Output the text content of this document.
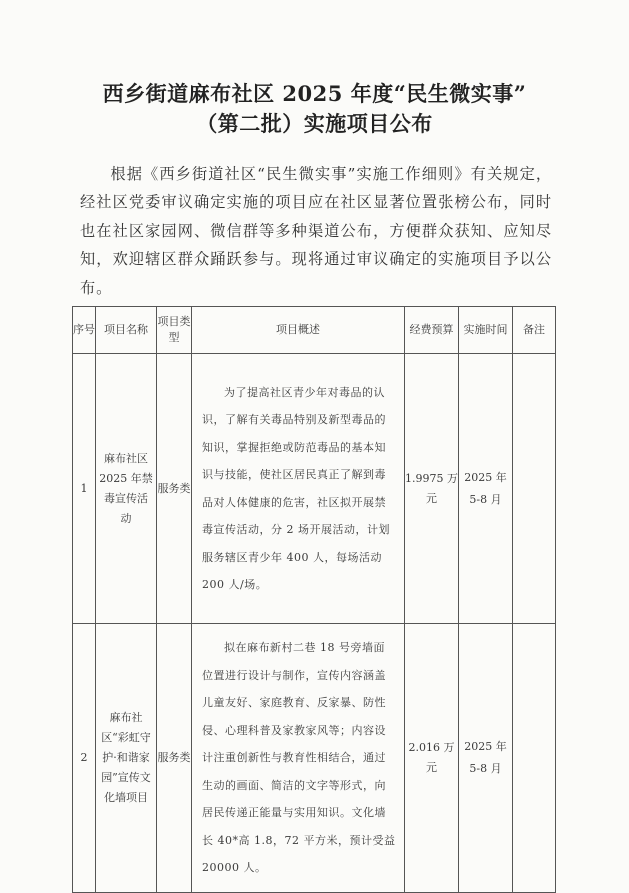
西乡街道麻布社区 2025 年度“民生微实事”
（第二批）实施项目公布

根据《西乡街道社区“民生微实事”实施工作细则》有关规定，经社区党委审议确定实施的项目应在社区显著位置张榜公布，同时也在社区家园网、微信群等多种渠道公布，方便群众获知、应知尽知，欢迎辖区群众踊跃参与。现将通过审议确定的实施项目予以公布。

序号	项目名称	项目类型	项目概述	经费预算	实施时间	备注
1	麻布社区 2025 年禁毒宣传活动	服务类	为了提高社区青少年对毒品的认识，了解有关毒品特别及新型毒品的知识，掌握拒绝或防范毒品的基本知识与技能，使社区居民真正了解到毒品对人体健康的危害，社区拟开展禁毒宣传活动，分 2 场开展活动，计划服务辖区青少年 400 人，每场活动 200 人/场。	1.9975 万元	2025 年 5-8 月	
2	麻布社区“彩虹守护·和谐家园”宣传文化墙项目	服务类	拟在麻布新村二巷 18 号旁墙面位置进行设计与制作，宣传内容涵盖儿童友好、家庭教育、反家暴、防性侵、心理科普及家教家风等；内容设计注重创新性与教育性相结合，通过生动的画面、简洁的文字等形式，向居民传递正能量与实用知识。文化墙长 40*高 1.8，72 平方米，预计受益 20000 人。	2.016 万元	2025 年 5-8 月	
